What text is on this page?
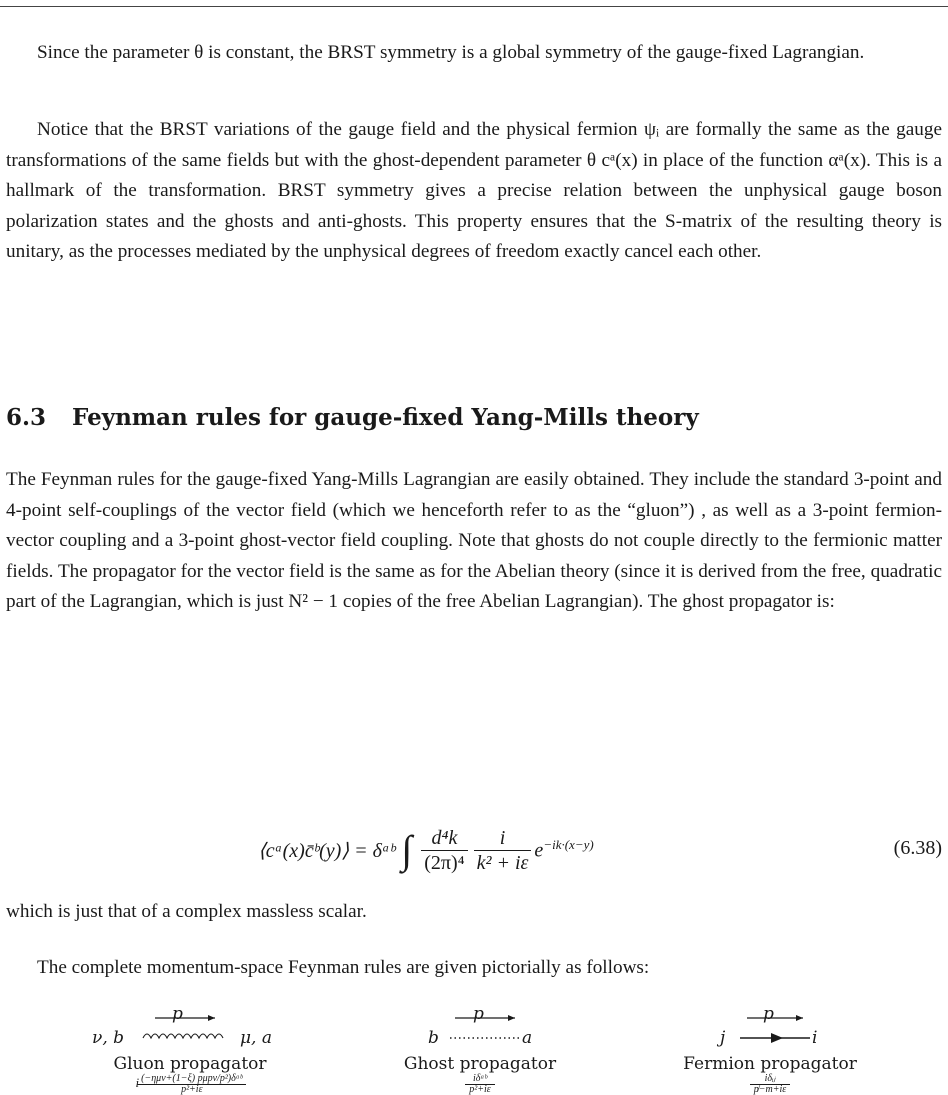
Since the parameter θ is constant, the BRST symmetry is a global symmetry of the gauge-fixed Lagrangian.

Notice that the BRST variations of the gauge field and the physical fermion ψᵢ are formally the same as the gauge transformations of the same fields but with the ghost-dependent parameter θ cᵃ(x) in place of the function αᵃ(x). This is a hallmark of the transformation. BRST symmetry gives a precise relation between the unphysical gauge boson polarization states and the ghosts and anti-ghosts. This property ensures that the S-matrix of the resulting theory is unitary, as the processes mediated by the unphysical degrees of freedom exactly cancel each other.

6.3 Feynman rules for gauge-fixed Yang-Mills theory

The Feynman rules for the gauge-fixed Yang-Mills Lagrangian are easily obtained. They include the standard 3-point and 4-point self-couplings of the vector field (which we henceforth refer to as the “gluon”) , as well as a 3-point fermion-vector coupling and a 3-point ghost-vector field coupling. Note that ghosts do not couple directly to the fermionic matter fields. The propagator for the vector field is the same as for the Abelian theory (since it is derived from the free, quadratic part of the Lagrangian, which is just N² − 1 copies of the free Abelian Lagrangian). The ghost propagator is:

⟨cᵃ(x)c̄ᵇ(y)⟩ = δᵃᵇ ∫ $\frac{\text{d⁴k}}{\text{(2π)⁴}} \frac{i}{\text{k² + iε}} e^{-ik\cdot(x-y)}$	(6.38)

which is just that of a complex massless scalar.

The complete momentum-space Feynman rules are given pictorially as follows:

p
ν, b	μ, a
Gluon propagator
p
b	a
Ghost propagator
p
j	i
Fermion propagator
i $\frac{\text{(−ημν+(1−ξ) pμpν/p²)δᵃᵇ}}{\text{p²+iε}}$	$\frac{\text{iδᵃᵇ}}{\text{p²+iε}}$	$\frac{\text{iδᵢⱼ}}{p̸-m+i\varepsilon}$
